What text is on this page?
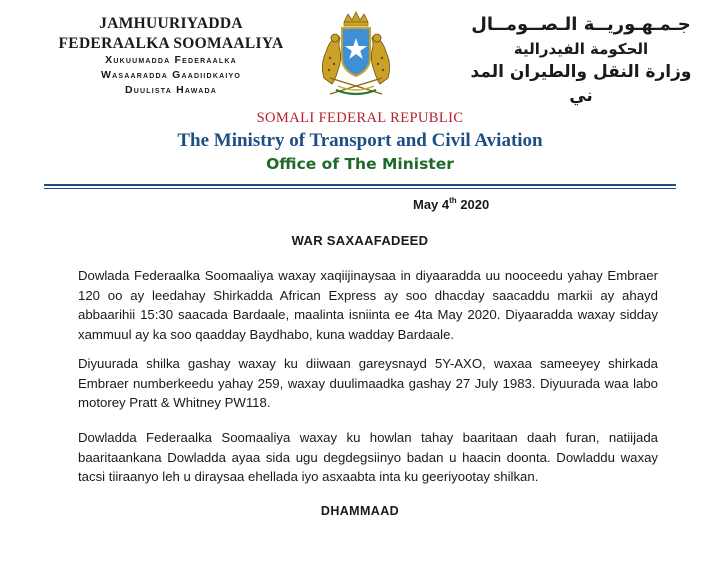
JAMHUURIYADDA
FEDERAALKA SOOMAALIYA
Xukuumadda Federaalka
Wasaaradda Gaadiidkaiyo
Duulista Hawada
جـمـهـوريــة الـصــومــال
الحكومة الفيدرالية
وزارة النقل والطيران المد ني
SOMALI FEDERAL REPUBLIC
The Ministry of Transport and Civil Aviation
Office of The Minister
May 4th 2020
WAR SAXAAFADEED
Dowlada Federaalka Soomaaliya waxay xaqiijinaysaa in diyaaradda uu nooceedu yahay Embraer
120 oo ay leedahay Shirkadda African Express ay soo dhacday saacaddu markii ay ahayd
abbaarihii 15:30 saacada Bardaale, maalinta isniinta ee 4ta May 2020. Diyaaradda waxay sidday
xammuul ay ka soo qaadday Baydhabo, kuna wadday Bardaale.
Diyuurada shilka gashay waxay ku diiwaan gareysnayd 5Y-AXO, waxaa sameeyey shirkada
Embraer numberkeedu yahay 259, waxay duulimaadka gashay 27 July 1983. Diyuurada waa labo
motorey Pratt & Whitney PW118.
Dowladda Federaalka Soomaaliya waxay ku howlan tahay baaritaan daah furan, natiijada
baaritaankana Dowladda ayaa sida ugu degdegsiinyo badan u haacin doonta. Dowladdu waxay
tacsi tiiraanyo leh u diraysaa ehellada iyo asxaabta inta ku geeriyootay shilkan.
DHAMMAAD
